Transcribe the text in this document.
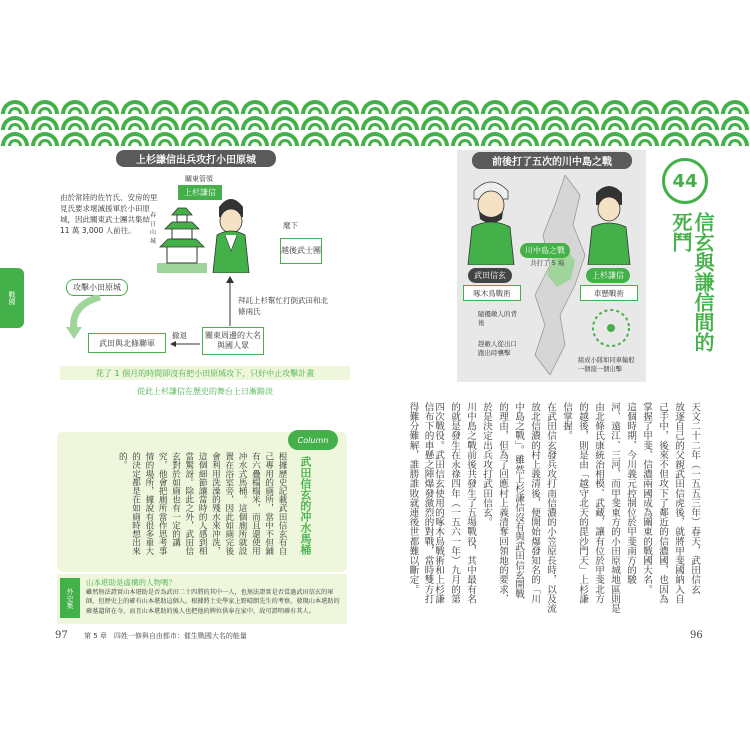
戰國
上杉謙信出兵攻打小田原城
由於常陸的佐竹氏、安房的里見氏要求壞滅援軍於小田原城，因此關東武士團共集結 11 萬 3,000 人前往。
關東管領
上杉謙信
春日山城
麾下
越後武士團
攻擊小田原城
武田與北條聯軍
撤退
拜託上杉幫忙打倒武田和北條兩氏
關東周邊的大名與國人眾
花了 1 個月的時間卻沒有把小田原城攻下，只好中止攻擊計畫
從此上杉謙信在歷史的舞台上日漸黯淡
Column
武田信玄的冲水馬桶
根據歷史記載武田信玄有自己專用的廁所，當中不但鋪有六疊榻榻米，而且還使用冲水式馬桶。這個廁所就設置在浴室旁，因此如廁完後會利用洗澡的殘水來冲洗，這個細節讓當時的人感到相當驚訝。除此之外，武田信玄對於如廁也有一定的講究，他會把廁所當作思考事情的場所，據說有很多重大的決定都是在如廁時想出來的。
外史集
山本堪助是虛構的人物嗎？
雖然無法證實山本堪助是否為武田二十四將的其中一人，也無法證實是否當過武田信玄的軍師，但歷史上的確有山本堪助這個人。根據將土史學家上野晴朗先生的考察，發現山本堪助的確墓遺留在今，而且山本堪助的後人也把他的牌位供奉在家中，故可證明確有其人。
97 第 5 章　四姓一修與自由都市：催生戰國大名的能量
前後打了五次的川中島之戰
川中島之戰
共打了 5 場
武田信玄
啄木鳥戰術
隨擾敵人的背後
趕敵人從出口跑出時襲擊
上杉謙信
車懸戰術
組成小隊如同車輪般一個接一個出擊
44
信玄與謙信間的死鬥
天文二十二年（一五五三年）春天，武田信玄
放逐自己的父親武田信虎後，就將甲斐國納入自
己手中，後來不但攻下了鄰近的信濃國，也因為
掌握了甲斐、信濃兩國成為關東的戰國大名。
這個時期，今川義元控制位於甲斐南方的駿
河、遠江、三河，而甲斐東方的小田原城地區則是
由北條氏康統治相模、武藏，讓有位於甲斐北方
的越後，則是由「越守北天的毘沙門天」上杉謙
信掌握。
在武田信玄發兵攻打南信濃的小笠原長時，以及流
放北信濃的村上義清後，便開始爆發知名的「川
中島之戰」。雖然上杉謙信沒有與武田信玄開戰
的理由，但為了回應村上義清奪回領地的要求，
於是決定出兵攻打武田信玄。
川中島之戰前後共發生了五場戰役，其中最有名
的就是發生在永祿四年（一五六一年）九月的第
四次戰役。武田信玄使用的啄木鳥戰術和上杉謙
信布下的車懸之陣爆發激烈的對戰，當時雙方打
得難分難解，誰勝誰敗就連後世都難以斷定。
96
